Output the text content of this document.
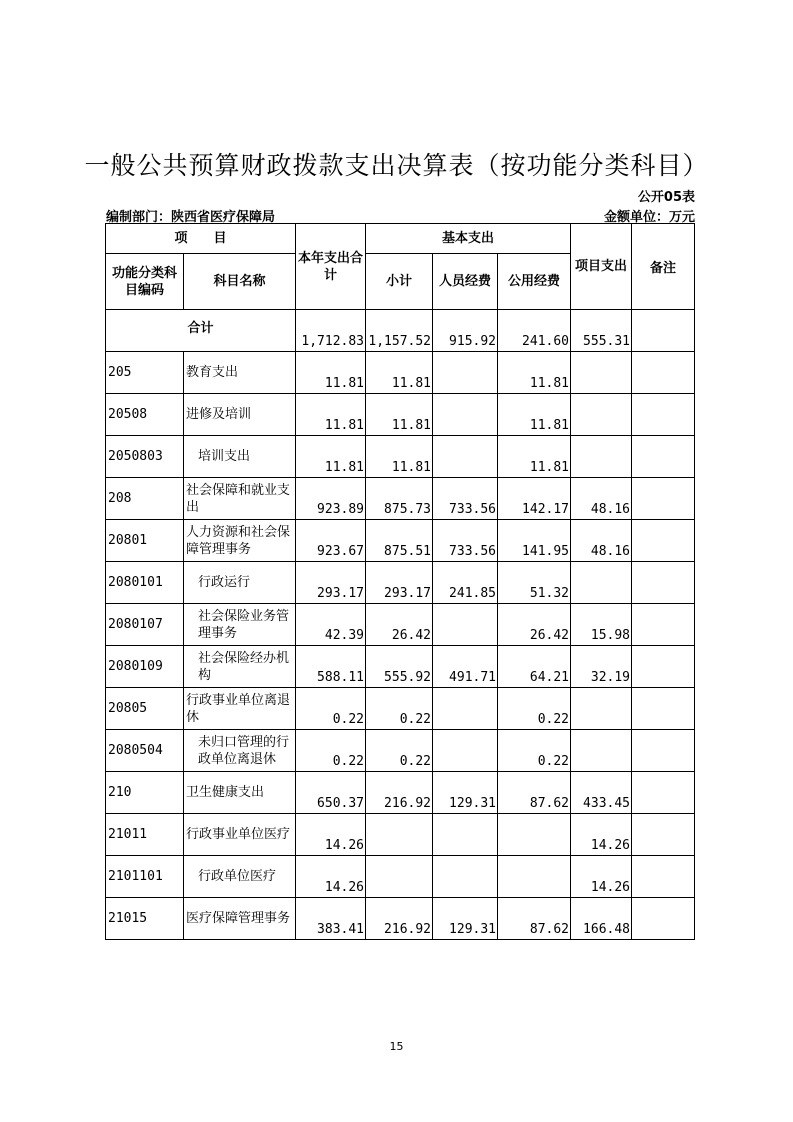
一般公共预算财政拨款支出决算表（按功能分类科目）
公开05表
编制部门：陕西省医疗保障局	金额单位：万元
项　　目		本年支出合计	基本支出			项目支出	备注
功能分类科目编码	科目名称		小计	人员经费	公用经费		
合计		1,712.83	1,157.52	915.92	241.60	555.31	
205	教育支出	11.81	11.81		11.81		
20508	进修及培训	11.81	11.81		11.81		
2050803	培训支出	11.81	11.81		11.81		
208	社会保障和就业支出	923.89	875.73	733.56	142.17	48.16	
20801	人力资源和社会保障管理事务	923.67	875.51	733.56	141.95	48.16	
2080101	行政运行	293.17	293.17	241.85	51.32		
2080107	社会保险业务管理事务	42.39	26.42		26.42	15.98	
2080109	社会保险经办机构	588.11	555.92	491.71	64.21	32.19	
20805	行政事业单位离退休	0.22	0.22		0.22		
2080504	未归口管理的行政单位离退休	0.22	0.22		0.22		
210	卫生健康支出	650.37	216.92	129.31	87.62	433.45	
21011	行政事业单位医疗	14.26				14.26	
2101101	行政单位医疗	14.26				14.26	
21015	医疗保障管理事务	383.41	216.92	129.31	87.62	166.48	
15
